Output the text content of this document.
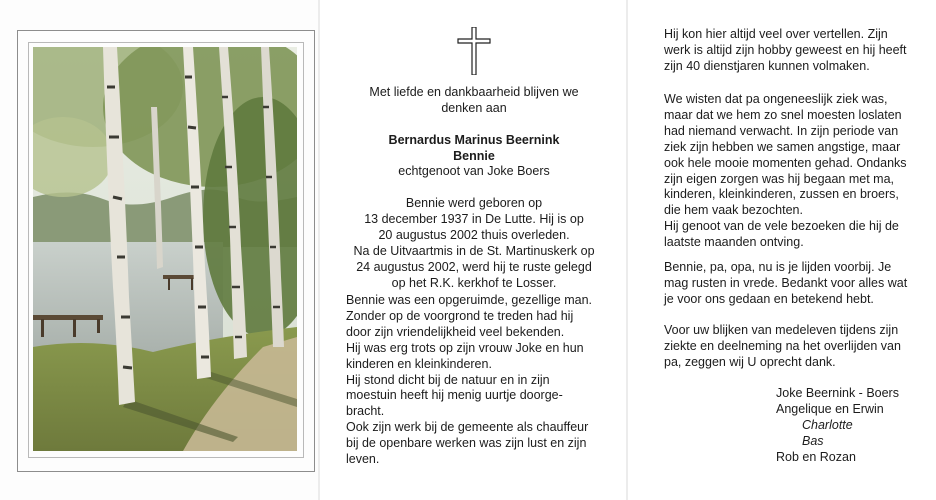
Met liefde en dankbaarheid blijven we

denken aan

Bernardus Marinus Beernink

Bennie

echtgenoot van Joke Boers

Bennie werd geboren op

13 december 1937 in De Lutte. Hij is op

20 augustus 2002 thuis overleden.

Na de Uitvaartmis in de St. Martinuskerk op

24 augustus 2002, werd hij te ruste gelegd

op het R.K. kerkhof te Losser.

Bennie was een opgeruimde, gezellige man.

Zonder op de voorgrond te treden had hij

door zijn vriendelijkheid veel bekenden.

Hij was erg trots op zijn vrouw Joke en hun

kinderen en kleinkinderen.

Hij stond dicht bij de natuur en in zijn

moestuin heeft hij menig uurtje doorge-

bracht.

Ook zijn werk bij de gemeente als chauffeur

bij de openbare werken was zijn lust en zijn

leven.

Hij kon hier altijd veel over vertellen. Zijn

werk is altijd zijn hobby geweest en hij heeft

zijn 40 dienstjaren kunnen volmaken.

We wisten dat pa ongeneeslijk ziek was,

maar dat we hem zo snel moesten loslaten

had niemand verwacht. In zijn periode van

ziek zijn hebben we samen angstige, maar

ook hele mooie momenten gehad. Ondanks

zijn eigen zorgen was hij begaan met ma,

kinderen, kleinkinderen, zussen en broers,

die hem vaak bezochten.

Hij genoot van de vele bezoeken die hij de

laatste maanden ontving.

Bennie, pa, opa, nu is je lijden voorbij. Je

mag rusten in vrede. Bedankt voor alles wat

je voor ons gedaan en betekend hebt.

Voor uw blijken van medeleven tijdens zijn

ziekte en deelneming na het overlijden van

pa, zeggen wij U oprecht dank.

Joke Beernink - Boers

Angelique en Erwin

Charlotte

Bas

Rob en Rozan
